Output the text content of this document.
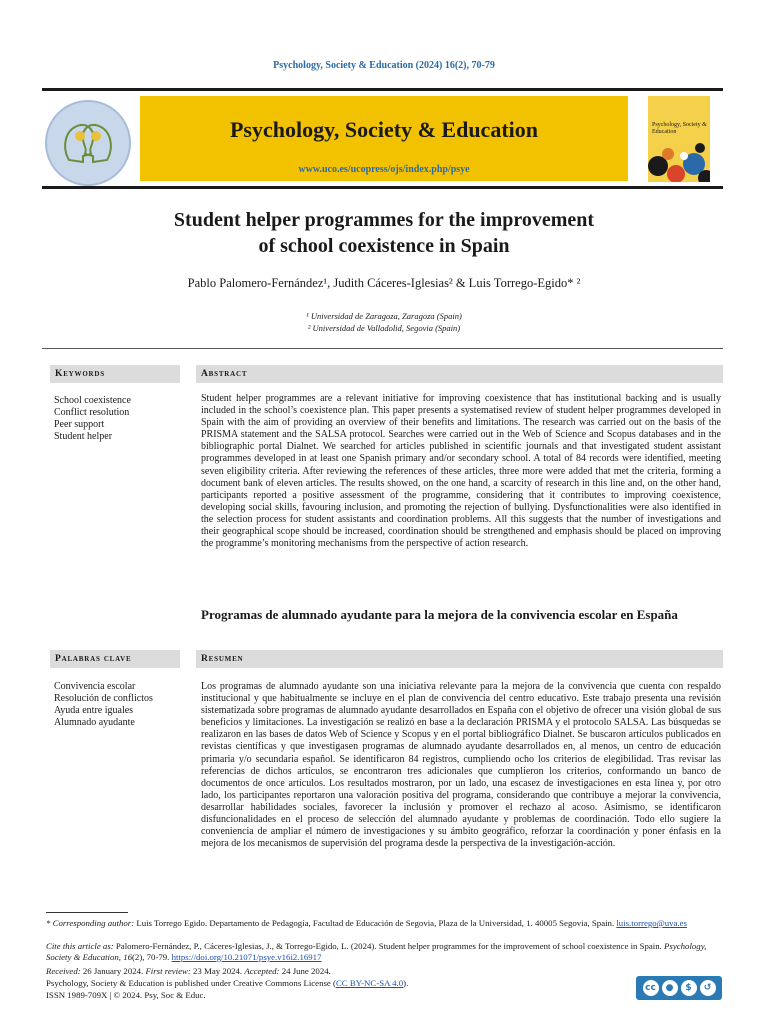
Psychology, Society & Education (2024) 16(2), 70-79
Psychology, Society & Education
www.uco.es/ucopress/ojs/index.php/psye
Psychology, Society & Education
Student helper programmes for the improvement
of school coexistence in Spain
Pablo Palomero-Fernández¹, Judith Cáceres-Iglesias² & Luis Torrego-Egido* ²
¹ Universidad de Zaragoza, Zaragoza (Spain)
² Universidad de Valladolid, Segovia (Spain)
Keywords	Abstract
School coexistence
Conflict resolution
Peer support
Student helper
Student helper programmes are a relevant initiative for improving coexistence that has institutional backing and is usually included in the school’s coexistence plan. This paper presents a systematised review of student helper programmes developed in Spain with the aim of providing an overview of their benefits and limitations. The research was carried out on the basis of the PRISMA statement and the SALSA protocol. Searches were carried out in the Web of Science and Scopus databases and in the bibliographic portal Dialnet. We searched for articles published in scientific journals and that investigated student assistant programmes developed in at least one Spanish primary and/or secondary school. A total of 84 records were identified, meeting seven eligibility criteria. After reviewing the references of these articles, three more were added that met the criteria, forming a document bank of eleven articles. The results showed, on the one hand, a scarcity of research in this line and, on the other hand, participants reported a positive assessment of the programme, considering that it contributes to improving coexistence, developing social skills, favouring inclusion, and promoting the rejection of bullying. Dysfunctionalities were also identified in the selection process for student assistants and coordination problems. All this suggests that the number of investigations and their geographical scope should be increased, coordination should be strengthened and emphasis should be placed on improving the programme’s monitoring mechanisms from the perspective of action research.
Programas de alumnado ayudante para la mejora de la convivencia escolar en España
Palabras clave	Resumen
Convivencia escolar
Resolución de conflictos
Ayuda entre iguales
Alumnado ayudante
Los programas de alumnado ayudante son una iniciativa relevante para la mejora de la convivencia que cuenta con respaldo institucional y que habitualmente se incluye en el plan de convivencia del centro educativo. Este trabajo presenta una revisión sistematizada sobre programas de alumnado ayudante desarrollados en España con el objetivo de ofrecer una visión global de sus beneficios y limitaciones. La investigación se realizó en base a la declaración PRISMA y el protocolo SALSA. Las búsquedas se realizaron en las bases de datos Web of Science y Scopus y en el portal bibliográfico Dialnet. Se buscaron artículos publicados en revistas científicas y que investigasen programas de alumnado ayudante desarrollados en, al menos, un centro de educación primaria y/o secundaria español. Se identificaron 84 registros, cumpliendo ocho los criterios de elegibilidad. Tras revisar las referencias de dichos artículos, se encontraron tres adicionales que cumplieron los criterios, conformando un banco de documentos de once artículos. Los resultados mostraron, por un lado, una escasez de investigaciones en esta línea y, por otro lado, los participantes reportaron una valoración positiva del programa, considerando que contribuye a mejorar la convivencia, desarrollar habilidades sociales, favorecer la inclusión y promover el rechazo al acoso. Asimismo, se identificaron disfuncionalidades en el proceso de selección del alumnado ayudante y problemas de coordinación. Todo ello sugiere la conveniencia de ampliar el número de investigaciones y su ámbito geográfico, reforzar la coordinación y poner énfasis en la mejora de los mecanismos de supervisión del programa desde la perspectiva de la investigación-acción.
* Corresponding author: Luis Torrego Egido. Departamento de Pedagogía, Facultad de Educación de Segovia, Plaza de la Universidad, 1. 40005 Segovia, Spain. luis.torrego@uva.es
Cite this article as: Palomero-Fernández, P., Cáceres-Iglesias, J., & Torrego-Egido, L. (2024). Student helper programmes for the improvement of school coexistence in Spain. Psychology, Society & Education, 16(2), 70-79. https://doi.org/10.21071/psye.v16i2.16917
Received: 26 January 2024. First review: 23 May 2024. Accepted: 24 June 2024.
Psychology, Society & Education is published under Creative Commons License (CC BY-NC-SA 4.0).
ISSN 1989-709X | © 2024. Psy, Soc & Educ.
cc	●	$	↺
